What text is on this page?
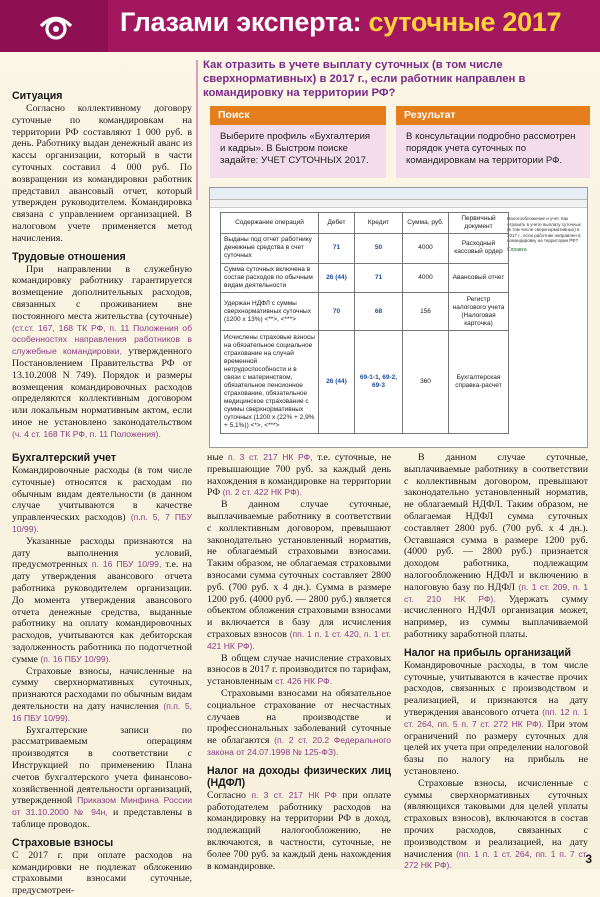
Глазами эксперта: суточные 2017
Как отразить в учете выплату суточных (в том числе сверхнормативных) в 2017 г., если работник направлен в командировку на территории РФ?
Поиск
Выберите профиль «Бухгалтерия и кадры». В Быстром поиске задайте: УЧЕТ СУТОЧНЫХ 2017.
Результат
В консультации подробно рассмотрен порядок учета суточных по командировкам на территории РФ.
Налогообложение и учет. Как отразить в учете выплату суточных (в том числе сверхнормативных) в 2017 г., если работник направлен в командировку на территории РФ?
Справка
Содержание операций	Дебет	Кредит	Сумма, руб.	Первичный документ
Выданы под отчет работнику денежные средства в счет суточных	71	50	4000	Расходный кассовый ордер
Сумма суточных включена в состав расходов по обычным видам деятельности	26 (44)	71	4000	Авансовый отчет
Удержан НДФЛ с суммы сверхнормативных суточных (1200 x 13%) <**>, <***>	70	68	156	Регистр налогового учета (Налоговая карточка)
Исчислены страховые взносы на обязательное социальное страхование на случай временной нетрудоспособности и в связи с материнством, обязательное пенсионное страхование, обязательное медицинское страхование с суммы сверхнормативных суточных (1200 x (22% + 2,9% + 5,1%)) <*>, <***>	26 (44)	69-1-1, 69-2, 69-3	360	Бухгалтерская справка-расчет
Ситуация

Согласно коллективному договору суточные по командировкам на территории РФ составляют 1 000 руб. в день. Работнику выдан денежный аванс из кассы организации, который в части суточных составил 4 000 руб. По возвращении из командировки работник представил авансовый отчет, который утвержден руководителем. Командировка связана с управлением организацией. В налоговом учете применяется метод начисления.

Трудовые отношения

При направлении в служебную командировку работнику гарантируется возмещение дополнительных расходов, связанных с проживанием вне постоянного места жительства (суточные) (ст.ст. 167, 168 ТК РФ, п. 11 Положения об особенностях направления работников в служебные командировки, утвержденного Постановлением Правительства РФ от 13.10.2008 N 749). Порядок и размеры возмещения командировочных расходов определяются коллективным договором или локальным нормативным актом, если иное не установлено законодательством (ч. 4 ст. 168 ТК РФ, п. 11 Положения).

Бухгалтерский учет

Командировочные расходы (в том числе суточные) относятся к расходам по обычным видам деятельности (в данном случае учитываются в качестве управленческих расходов) (п.п. 5, 7 ПБУ 10/99).

Указанные расходы признаются на дату выполнения условий, предусмотренных п. 16 ПБУ 10/99, т.е. на дату утверждения авансового отчета работника руководителем организации. До момента утверждения авансового отчета денежные средства, выданные работнику на оплату командировочных расходов, учитываются как дебиторская задолженность работника по подотчетной сумме (п. 16 ПБУ 10/99).

Страховые взносы, начисленные на сумму сверхнормативных суточных, признаются расходами по обычным видам деятельности на дату начисления (п.п. 5, 16 ПБУ 10/99).

Бухгалтерские записи по рассматриваемым операциям производятся в соответствии с Инструкцией по применению Плана счетов бухгалтерского учета финансово-хозяйственной деятельности организаций, утвержденной Приказом Минфина России от 31.10.2000 № 94н, и представлены в таблице проводок.

Страховые взносы

С 2017 г. при оплате расходов на командировки не подлежат обложению страховыми взносами суточные, предусмотрен-

ные п. 3 ст. 217 НК РФ, т.е. суточные, не превышающие 700 руб. за каждый день нахождения в командировке на территории РФ (п. 2 ст. 422 НК РФ).

В данном случае суточные, выплачиваемые работнику в соответствии с коллективным договором, превышают законодательно установленный норматив, не облагаемый страховыми взносами. Таким образом, не облагаемая страховыми взносами сумма суточных составляет 2800 руб. (700 руб. х 4 дн.). Сумма в размере 1200 руб. (4000 руб. — 2800 руб.) является объектом обложения страховыми взносами и включается в базу для исчисления страховых взносов (пп. 1 п. 1 ст. 420, п. 1 ст. 421 НК РФ).

В общем случае начисление страховых взносов в 2017 г. производится по тарифам, установленным ст. 426 НК РФ.

Страховыми взносами на обязательное социальное страхование от несчастных случаев на производстве и профессиональных заболеваний суточные не облагаются (п. 2 ст. 20.2 Федерального закона от 24.07.1998 № 125-ФЗ).

Налог на доходы физических лиц (НДФЛ)

Согласно п. 3 ст. 217 НК РФ при оплате работодателем работнику расходов на командировку на территории РФ в доход, подлежащий налогообложению, не включаются, в частности, суточные, не более 700 руб. за каждый день нахождения в командировке.

В данном случае суточные, выплачиваемые работнику в соответствии с коллективным договором, превышают законодательно установленный норматив, не облагаемый НДФЛ. Таким образом, не облагаемая НДФЛ сумма суточных составляет 2800 руб. (700 руб. х 4 дн.). Оставшаяся сумма в размере 1200 руб. (4000 руб. — 2800 руб.) признается доходом работника, подлежащим налогообложению НДФЛ и включению в налоговую базу по НДФЛ (п. 1 ст. 209, п. 1 ст. 210 НК РФ). Удержать сумму исчисленного НДФЛ организация может, например, из суммы выплачиваемой работнику заработной платы.

Налог на прибыль организаций

Командировочные расходы, в том числе суточные, учитываются в качестве прочих расходов, связанных с производством и реализацией, и признаются на дату утверждения авансового отчета (пп. 12 п. 1 ст. 264, пп. 5 п. 7 ст. 272 НК РФ). При этом ограничений по размеру суточных для целей их учета при определении налоговой базы по налогу на прибыль не установлено.

Страховые взносы, исчисленные с суммы сверхнормативных суточных (являющихся таковыми для целей уплаты страховых взносов), включаются в состав прочих расходов, связанных с производством и реализацией, на дату начисления (пп. 1 п. 1 ст. 264, пп. 1 п. 7 ст. 272 НК РФ).	3
